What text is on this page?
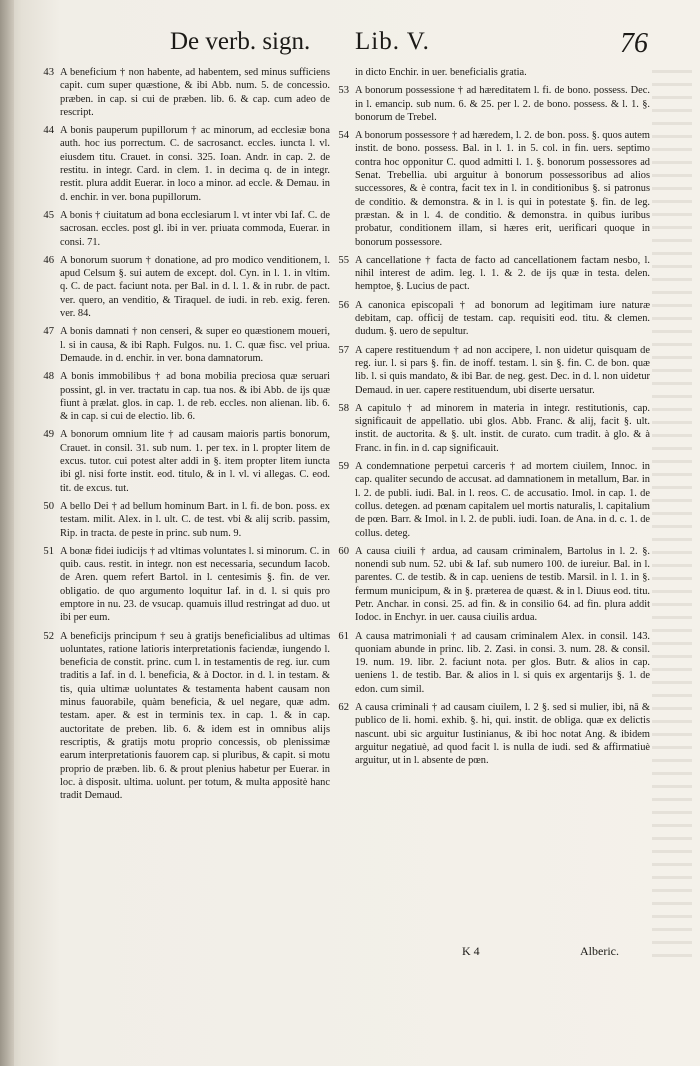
De verb. sign. Lib. V.	76

43 A beneficium † non habente, ad habentem, sed minus sufficiens capit. cum super quæstione, & ibi Abb. num. 5. de concessio. præben. in cap. si cui de præben. lib. 6. & cap. cum adeo de rescript.

44 A bonis pauperum pupillorum † ac minorum, ad ecclesiæ bona auth. hoc ius porrectum. C. de sacrosanct. eccles. iuncta l. vl. eiusdem titu. Crauet. in consi. 325. Ioan. Andr. in cap. 2. de restitu. in integr. Card. in clem. 1. in decima q. de in integr. restit. plura addit Euerar. in loco a minor. ad eccle. & Demau. in d. enchir. in ver. bona pupillorum.

45 A bonis † ciuitatum ad bona ecclesiarum l. vt inter vbi Iaf. C. de sacrosan. eccles. post gl. ibi in ver. priuata commoda, Euerar. in consi. 71.

46 A bonorum suorum † donatione, ad pro modico venditionem, l. apud Celsum §. sui autem de except. dol. Cyn. in l. 1. in vltim. q. C. de pact. faciunt nota. per Bal. in d. l. 1. & in rubr. de pact. ver. quero, an venditio, & Tiraquel. de iudi. in reb. exig. feren. ver. 84.

47 A bonis damnati † non censeri, & super eo quæstionem moueri, l. si in causa, & ibi Raph. Fulgos. nu. 1. C. quæ fisc. vel priua. Demaude. in d. enchir. in ver. bona damnatorum.

48 A bonis immobilibus † ad bona mobilia preciosa quæ seruari possint, gl. in ver. tractatu in cap. tua nos. & ibi Abb. de ijs quæ fiunt à prælat. glos. in cap. 1. de reb. eccles. non alienan. lib. 6. & in cap. si cui de electio. lib. 6.

49 A bonorum omnium lite † ad causam maioris partis bonorum, Crauet. in consil. 31. sub num. 1. per tex. in l. propter litem de excus. tutor. cui potest alter addi in §. item propter litem iuncta ibi gl. nisi forte instit. eod. titulo, & in l. vl. vi allegas. C. eod. tit. de excus. tut.

50 A bello Dei † ad bellum hominum Bart. in l. fi. de bon. poss. ex testam. milit. Alex. in l. ult. C. de test. vbi & alij scrib. passim, Rip. in tracta. de peste in princ. sub num. 9.

51 A bonæ fidei iudicijs † ad vltimas voluntates l. si minorum. C. in quib. caus. restit. in integr. non est necessaria, secundum Iacob. de Aren. quem refert Bartol. in l. centesimis §. fin. de ver. obligatio. de quo argumento loquitur Iaf. in d. l. si quis pro emptore in nu. 23. de vsucap. quamuis illud restringat ad duo. ut ibi per eum.

52 A beneficijs principum † seu à gratijs beneficialibus ad ultimas uoluntates, ratione latioris interpretationis faciendæ, iungendo l. beneficia de constit. princ. cum l. in testamentis de reg. iur. cum traditis a Iaf. in d. l. beneficia, & à Doctor. in d. l. in testam. & tis, quia ultimæ uoluntates & testamenta habent causam non minus fauorabile, quàm beneficia, & uel negare, quæ adm. testam. aper. & est in terminis tex. in cap. 1. & in cap. auctoritate de preben. lib. 6. & idem est in omnibus alijs rescriptis, & gratijs motu proprio concessis, ob plenissimæ earum interpretationis fauorem cap. si pluribus, & capit. si motu proprio de præben. lib. 6. & prout plenius habetur per Euerar. in loc. à disposit. ultima. uolunt. per totum, & multa appositè hanc tradit Demaud.

in dicto Enchir. in uer. beneficialis gratia.

53 A bonorum possessione † ad hæreditatem l. fi. de bono. possess. Dec. in l. emancip. sub num. 6. & 25. per l. 2. de bono. possess. & l. 1. §. bonorum de Trebel.

54 A bonorum possessore † ad hæredem, l. 2. de bon. poss. §. quos autem instit. de bono. possess. Bal. in l. 1. in 5. col. in fin. uers. septimo contra hoc opponitur C. quod admitti l. 1. §. bonorum possessores ad Senat. Trebellia. ubi arguitur à bonorum possessoribus ad alios successores, & è contra, facit tex in l. in conditionibus §. si patronus de conditio. & demonstra. & in l. is qui in potestate §. fin. de leg. præstan. & in l. 4. de conditio. & demonstra. in quibus iuribus probatur, conditionem illam, si hæres erit, uerificari quoque in bonorum possessore.

55 A cancellatione † facta de facto ad cancellationem factam nesbo, l. nihil interest de adim. leg. l. 1. & 2. de ijs quæ in testa. delen. hemptoe, §. Lucius de pact.

56 A canonica episcopali † ad bonorum ad legitimam iure naturæ debitam, cap. officij de testam. cap. requisiti eod. titu. & clemen. dudum. §. uero de sepultur.

57 A capere restituendum † ad non accipere, l. non uidetur quisquam de reg. iur. l. si pars §. fin. de inoff. testam. l. sin §. fin. C. de bon. quæ lib. l. si quis mandato, & ibi Bar. de neg. gest. Dec. in d. l. non uidetur Demaud. in uer. capere restituendum, ubi diserte uersatur.

58 A capitulo † ad minorem in materia in integr. restitutionis, cap. significauit de appellatio. ubi glos. Abb. Franc. & alij, facit §. ult. instit. de auctorita. & §. ult. instit. de curato. cum tradit. à glo. & à Franc. in fin. in d. cap significauit.

59 A condemnatione perpetui carceris † ad mortem ciuilem, Innoc. in cap. qualiter secundo de accusat. ad damnationem in metallum, Bar. in l. 2. de publi. iudi. Bal. in l. reos. C. de accusatio. Imol. in cap. 1. de collus. detegen. ad pœnam capitalem uel mortis naturalis, l. capitalium de pœn. Barr. & Imol. in l. 2. de publi. iudi. Ioan. de Ana. in d. c. 1. de collus. deteg.

60 A causa ciuili † ardua, ad causam criminalem, Bartolus in l. 2. §. nonendi sub num. 52. ubi & Iaf. sub numero 100. de iureiur. Bal. in l. parentes. C. de testib. & in cap. ueniens de testib. Marsil. in l. 1. in §. fermum municipum, & in §. præterea de quæst. & in l. Diuus eod. titu. Petr. Anchar. in consi. 25. ad fin. & in consilio 64. ad fin. plura addit Iodoc. in Enchyr. in uer. causa ciuilis ardua.

61 A causa matrimoniali † ad causam criminalem Alex. in consil. 143. quoniam abunde in princ. lib. 2. Zasi. in consi. 3. num. 28. & consil. 19. num. 19. libr. 2. faciunt nota. per glos. Butr. & alios in cap. ueniens 1. de testib. Bar. & alios in l. si quis ex argentarijs §. 1. de edon. cum simil.

62 A causa criminali † ad causam ciuilem, l. 2 §. sed si mulier, ibi, nā & publico de li. homi. exhib. §. hi, qui. instit. de obliga. quæ ex delictis nascunt. ubi sic arguitur Iustinianus, & ibi hoc notat Ang. & ibidem arguitur negatiuè, ad quod facit l. is nulla de iudi. sed & affirmatiuè arguitur, ut in l. absente de pœn.

K 4	Alberic.
